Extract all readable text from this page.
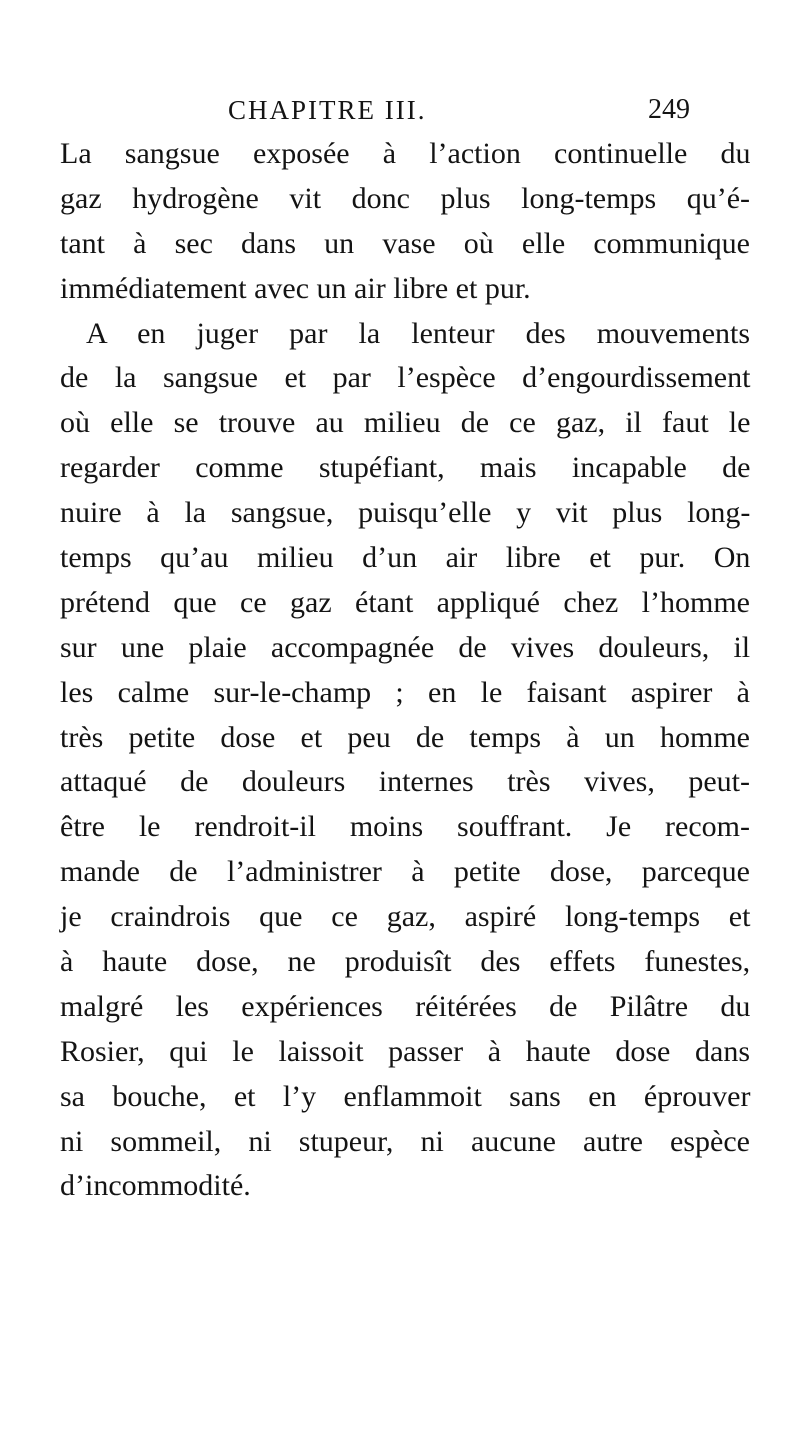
CHAPITRE III.	249
La sangsue exposée à l’action continuelle du
gaz hydrogène vit donc plus long-temps qu’é-
tant à sec dans un vase où elle communique
immédiatement avec un air libre et pur.
A en juger par la lenteur des mouvements
de la sangsue et par l’espèce d’engourdissement
où elle se trouve au milieu de ce gaz, il faut le
regarder comme stupéfiant, mais incapable de
nuire à la sangsue, puisqu’elle y vit plus long-
temps qu’au milieu d’un air libre et pur. On
prétend que ce gaz étant appliqué chez l’homme
sur une plaie accompagnée de vives douleurs, il
les calme sur-le-champ ; en le faisant aspirer à
très petite dose et peu de temps à un homme
attaqué de douleurs internes très vives, peut-
être le rendroit-il moins souffrant. Je recom-
mande de l’administrer à petite dose, parceque
je craindrois que ce gaz, aspiré long-temps et
à haute dose, ne produisît des effets funestes,
malgré les expériences réitérées de Pilâtre du
Rosier, qui le laissoit passer à haute dose dans
sa bouche, et l’y enflammoit sans en éprouver
ni sommeil, ni stupeur, ni aucune autre espèce
d’incommodité.
